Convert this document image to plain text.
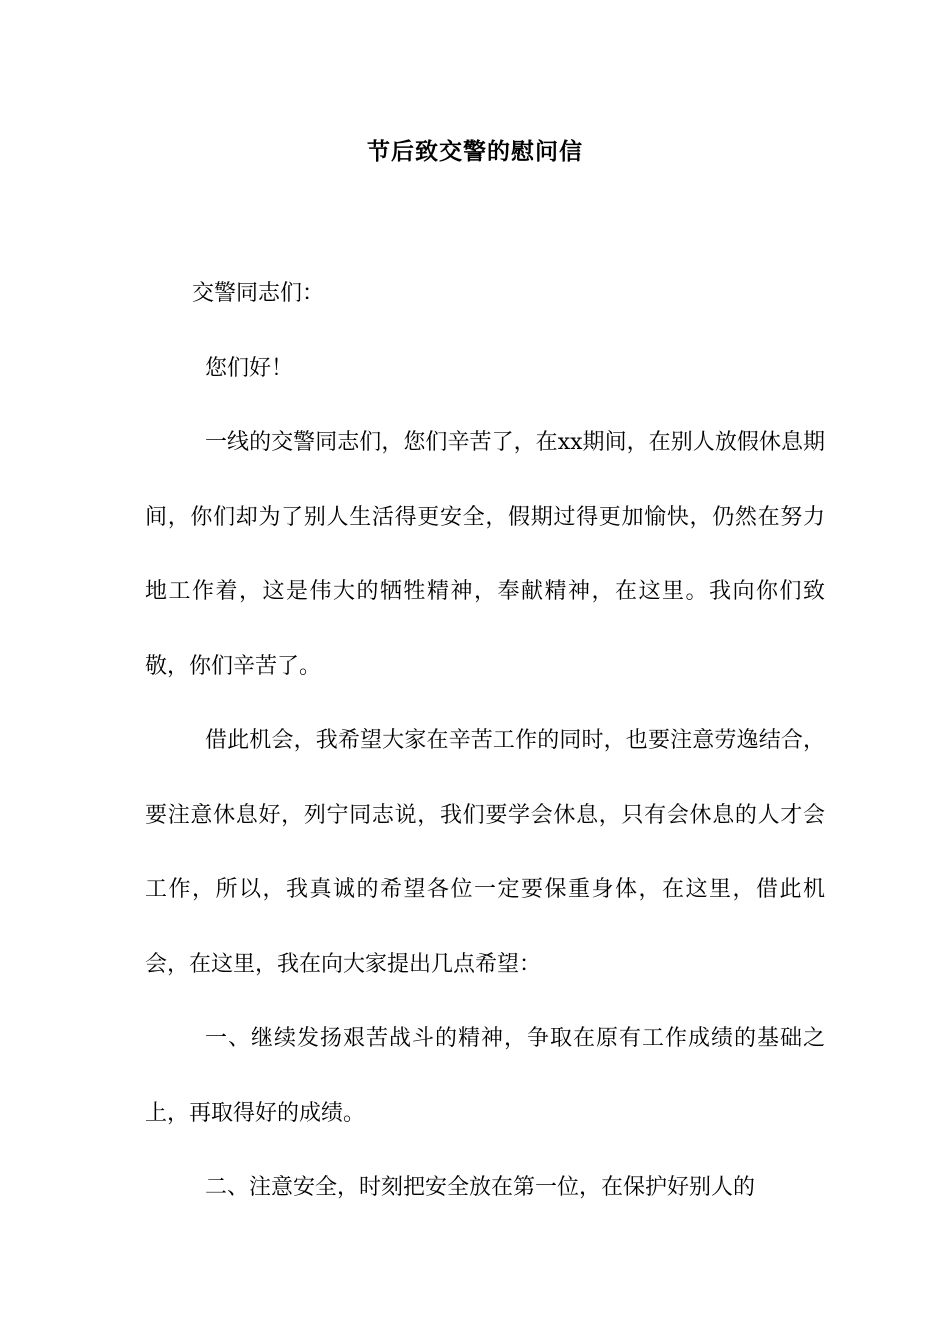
节后致交警的慰问信

交警同志们：

您们好！

一线的交警同志们，您们辛苦了，在xx期间，在别人放假休息期间，你们却为了别人生活得更安全，假期过得更加愉快，仍然在努力地工作着，这是伟大的牺牲精神，奉献精神，在这里。我向你们致敬，你们辛苦了。

借此机会，我希望大家在辛苦工作的同时，也要注意劳逸结合，要注意休息好，列宁同志说，我们要学会休息，只有会休息的人才会工作，所以，我真诚的希望各位一定要保重身体，在这里，借此机会，在这里，我在向大家提出几点希望：

一、继续发扬艰苦战斗的精神，争取在原有工作成绩的基础之上，再取得好的成绩。

二、注意安全，时刻把安全放在第一位，在保护好别人的
